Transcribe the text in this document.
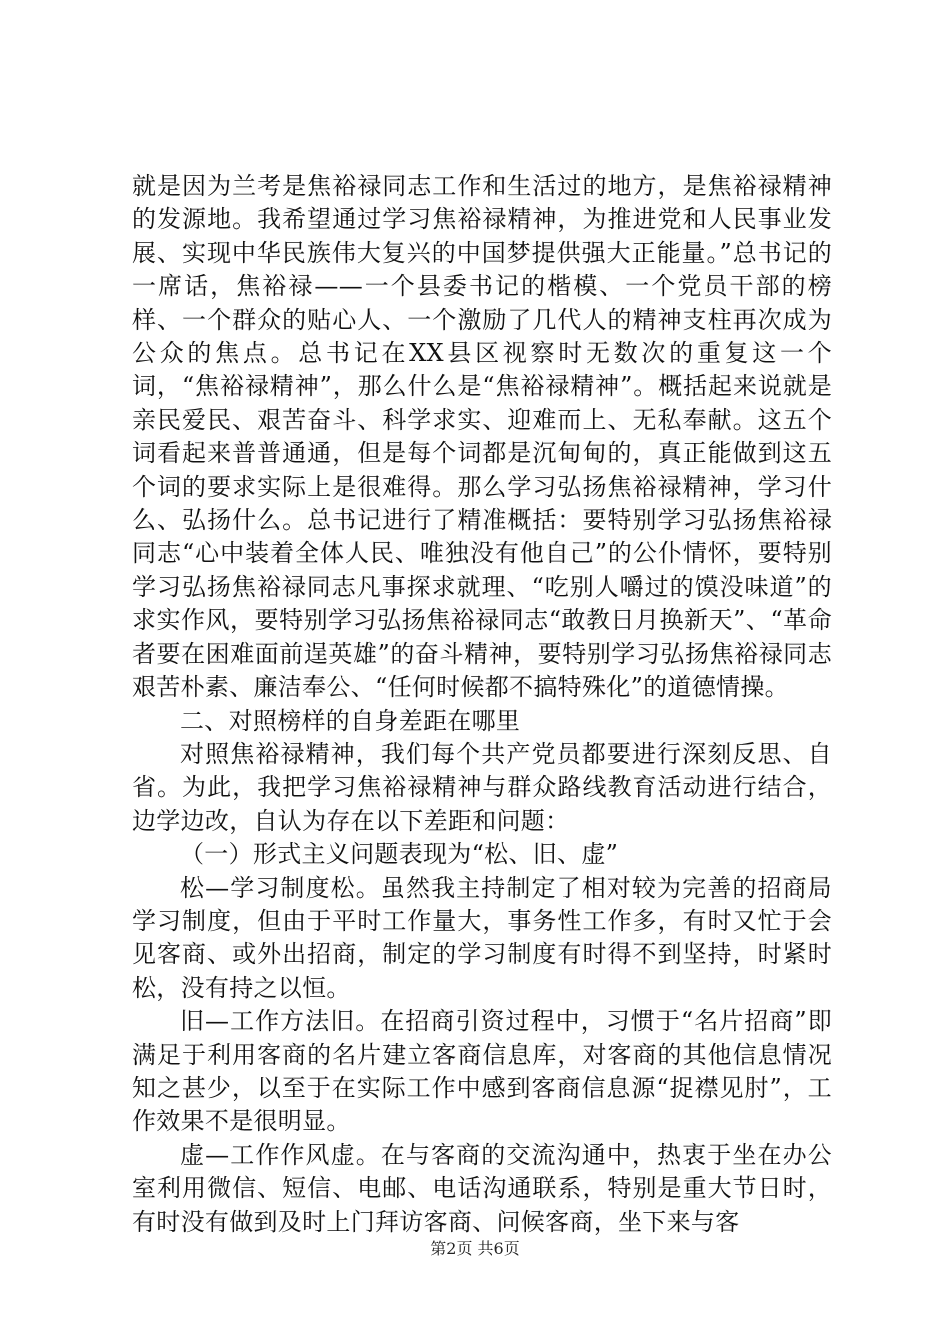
就是因为兰考是焦裕禄同志工作和生活过的地方，是焦裕禄精神的发源地。我希望通过学习焦裕禄精神，为推进党和人民事业发展、实现中华民族伟大复兴的中国梦提供强大正能量。”总书记的一席话，焦裕禄——一个县委书记的楷模、一个党员干部的榜样、一个群众的贴心人、一个激励了几代人的精神支柱再次成为公众的焦点。总书记在XX县区视察时无数次的重复这一个词，“焦裕禄精神”，那么什么是“焦裕禄精神”。概括起来说就是亲民爱民、艰苦奋斗、科学求实、迎难而上、无私奉献。这五个词看起来普普通通，但是每个词都是沉甸甸的，真正能做到这五个词的要求实际上是很难得。那么学习弘扬焦裕禄精神，学习什么、弘扬什么。总书记进行了精准概括：要特别学习弘扬焦裕禄同志“心中装着全体人民、唯独没有他自己”的公仆情怀，要特别学习弘扬焦裕禄同志凡事探求就理、“吃别人嚼过的馍没味道”的求实作风，要特别学习弘扬焦裕禄同志“敢教日月换新天”、“革命者要在困难面前逞英雄”的奋斗精神，要特别学习弘扬焦裕禄同志艰苦朴素、廉洁奉公、“任何时候都不搞特殊化”的道德情操。

二、对照榜样的自身差距在哪里

对照焦裕禄精神，我们每个共产党员都要进行深刻反思、自省。为此，我把学习焦裕禄精神与群众路线教育活动进行结合，边学边改，自认为存在以下差距和问题：

（一）形式主义问题表现为“松、旧、虚”

松—学习制度松。虽然我主持制定了相对较为完善的招商局学习制度，但由于平时工作量大，事务性工作多，有时又忙于会见客商、或外出招商，制定的学习制度有时得不到坚持，时紧时松，没有持之以恒。

旧—工作方法旧。在招商引资过程中，习惯于“名片招商”即满足于利用客商的名片建立客商信息库，对客商的其他信息情况知之甚少，以至于在实际工作中感到客商信息源“捉襟见肘”，工作效果不是很明显。

虚—工作作风虚。在与客商的交流沟通中，热衷于坐在办公室利用微信、短信、电邮、电话沟通联系，特别是重大节日时，有时没有做到及时上门拜访客商、问候客商，坐下来与客

第2页 共6页
